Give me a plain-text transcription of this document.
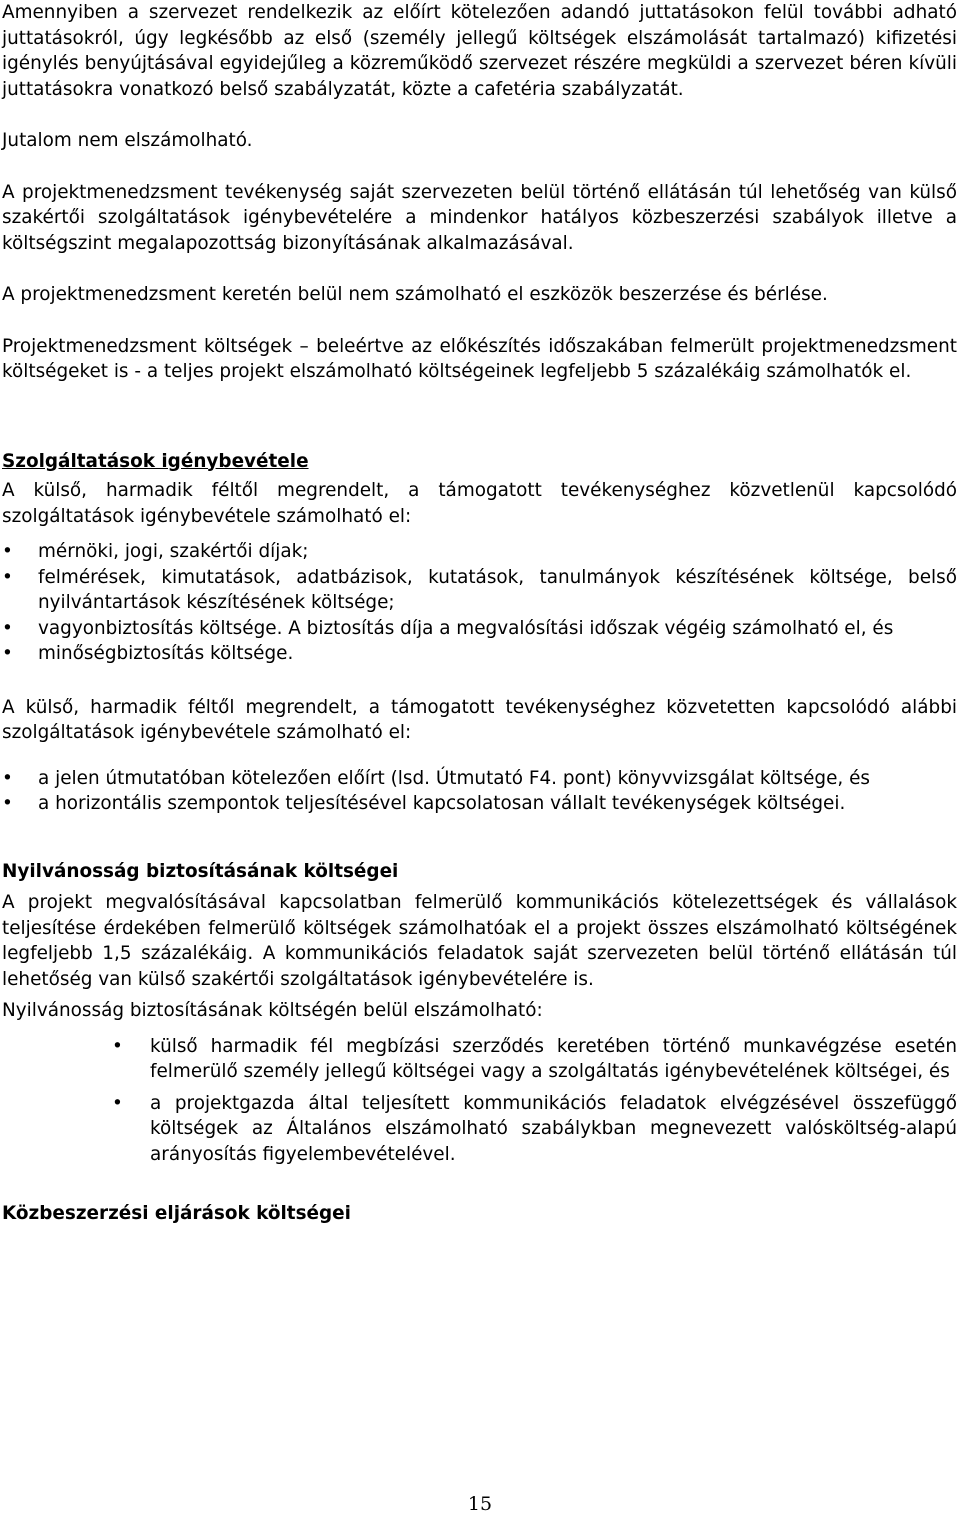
Amennyiben a szervezet rendelkezik az előírt kötelezően adandó juttatásokon felül további adható juttatásokról, úgy legkésőbb az első (személy jellegű költségek elszámolását tartalmazó) kifizetési igénylés benyújtásával egyidejűleg a közreműködő szervezet részére megküldi a szervezet béren kívüli juttatásokra vonatkozó belső szabályzatát, közte a cafetéria szabályzatát.

Jutalom nem elszámolható.

A projektmenedzsment tevékenység saját szervezeten belül történő ellátásán túl lehetőség van külső szakértői szolgáltatások igénybevételére a mindenkor hatályos közbeszerzési szabályok illetve a költségszint megalapozottság bizonyításának alkalmazásával.

A projektmenedzsment keretén belül nem számolható el eszközök beszerzése és bérlése.

Projektmenedzsment költségek – beleértve az előkészítés időszakában felmerült projektmenedzsment költségeket is - a teljes projekt elszámolható költségeinek legfeljebb 5 százalékáig számolhatók el.

Szolgáltatások igénybevétele

A külső, harmadik féltől megrendelt, a támogatott tevékenységhez közvetlenül kapcsolódó szolgáltatások igénybevétele számolható el:

•	mérnöki, jogi, szakértői díjak;
•	felmérések, kimutatások, adatbázisok, kutatások, tanulmányok készítésének költsége, belső nyilvántartások készítésének költsége;
•	vagyonbiztosítás költsége. A biztosítás díja a megvalósítási időszak végéig számolható el, és
•	minőségbiztosítás költsége.

A külső, harmadik féltől megrendelt, a támogatott tevékenységhez közvetetten kapcsolódó alábbi szolgáltatások igénybevétele számolható el:

•	a jelen útmutatóban kötelezően előírt (lsd. Útmutató F4. pont) könyvvizsgálat költsége, és
•	a horizontális szempontok teljesítésével kapcsolatosan vállalt tevékenységek költségei.
Nyilvánosság biztosításának költségei

A projekt megvalósításával kapcsolatban felmerülő kommunikációs kötelezettségek és vállalások teljesítése érdekében felmerülő költségek számolhatóak el a projekt összes elszámolható költségének legfeljebb 1,5 százalékáig. A kommunikációs feladatok saját szervezeten belül történő ellátásán túl lehetőség van külső szakértői szolgáltatások igénybevételére is.

Nyilvánosság biztosításának költségén belül elszámolható:

• külső harmadik fél megbízási szerződés keretében történő munkavégzése esetén felmerülő személy jellegű költségei vagy a szolgáltatás igénybevételének költségei, és
• a projektgazda által teljesített kommunikációs feladatok elvégzésével összefüggő költségek az Általános elszámolható szabálykban megnevezett valósköltség-alapú arányosítás figyelembevételével.
Közbeszerzési eljárások költségei
15
